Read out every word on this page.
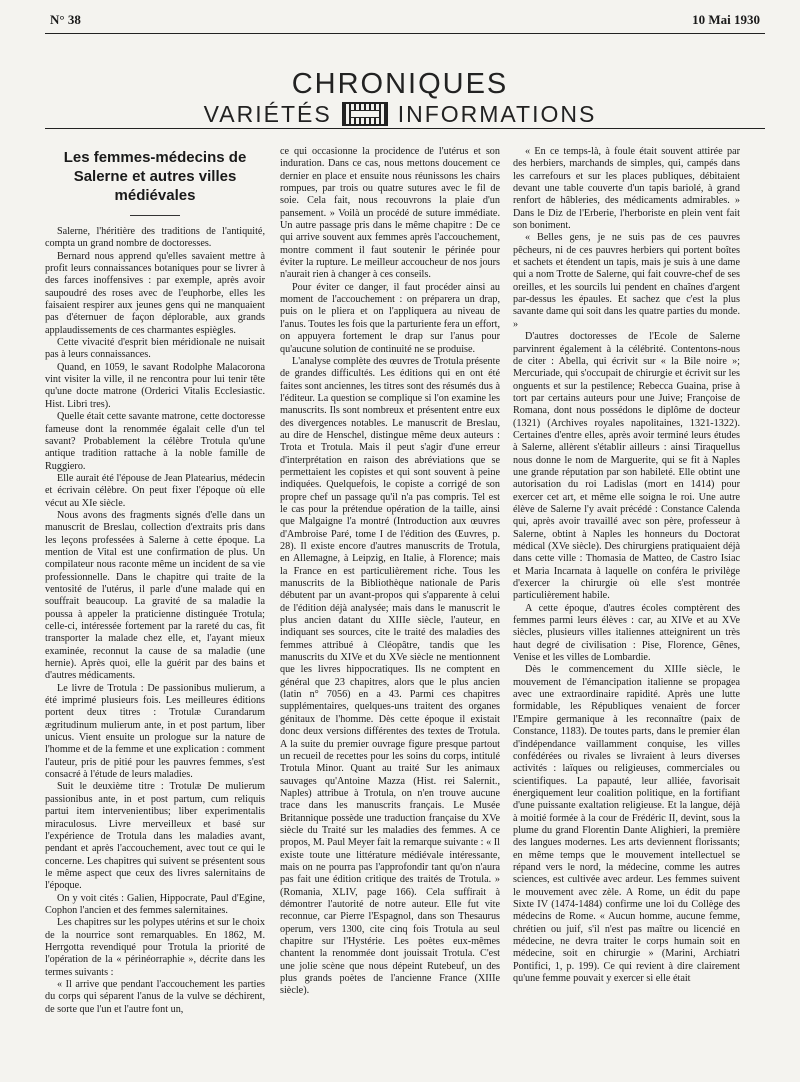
N° 38	10 Mai 1930
CHRONIQUES
VARIÉTÉS	INFORMATIONS
Les femmes-médecins de Salerne et autres villes médiévales

Salerne, l'héritière des traditions de l'antiquité, compta un grand nombre de doctoresses.

Bernard nous apprend qu'elles savaient mettre à profit leurs connaissances botaniques pour se livrer à des farces inoffensives : par exemple, après avoir saupoudré des roses avec de l'euphorbe, elles les faisaient respirer aux jeunes gens qui ne manquaient pas d'éternuer de façon déplorable, aux grands applaudissements de ces charmantes espiègles.

Cette vivacité d'esprit bien méridionale ne nuisait pas à leurs connaissances.

Quand, en 1059, le savant Rodolphe Malacorona vint visiter la ville, il ne rencontra pour lui tenir tête qu'une docte matrone (Orderici Vitalis Ecclesiastic. Hist. Libri tres).

Quelle était cette savante matrone, cette doctoresse fameuse dont la renommée égalait celle d'un tel savant? Probablement la célèbre Trotula qu'une antique tradition rattache à la noble famille de Ruggiero.

Elle aurait été l'épouse de Jean Platearius, médecin et écrivain célèbre. On peut fixer l'époque où elle vécut au XIe siècle.

Nous avons des fragments signés d'elle dans un manuscrit de Breslau, collection d'extraits pris dans les leçons professées à Salerne à cette époque. La mention de Vital est une confirmation de plus. Un compilateur nous raconte même un incident de sa vie professionnelle. Dans le chapitre qui traite de la ventosité de l'utérus, il parle d'une malade qui en souffrait beaucoup. La gravité de sa maladie la poussa à appeler la praticienne distinguée Trotula; celle-ci, intéressée fortement par la rareté du cas, fit transporter la malade chez elle, et, l'ayant mieux examinée, reconnut la cause de sa maladie (une hernie). Après quoi, elle la guérit par des bains et d'autres médicaments.

Le livre de Trotula : De passionibus mulierum, a été imprimé plusieurs fois. Les meilleures éditions portent deux titres : Trotulæ Curandarum ægritudinum mulierum ante, in et post partum, liber unicus. Vient ensuite un prologue sur la nature de l'homme et de la femme et une explication : comment l'auteur, pris de pitié pour les pauvres femmes, s'est consacré à l'étude de leurs maladies.

Suit le deuxième titre : Trotulæ De mulierum passionibus ante, in et post partum, cum reliquis partui item intervenientibus; liber experimentalis miraculosus. Livre merveilleux et basé sur l'expérience de Trotula dans les maladies avant, pendant et après l'accouchement, avec tout ce qui le concerne. Les chapitres qui suivent se présentent sous le même aspect que ceux des livres salernitains de l'époque.

On y voit cités : Galien, Hippocrate, Paul d'Egine, Cophon l'ancien et des femmes salernitaines.

Les chapitres sur les polypes utérins et sur le choix de la nourrice sont remarquables. En 1862, M. Herrgotta revendiqué pour Trotula la priorité de l'opération de la « périnéorraphie », décrite dans les termes suivants :

« Il arrive que pendant l'accouchement les parties du corps qui séparent l'anus de la vulve se déchirent, de sorte que l'un et l'autre font un,

ce qui occasionne la procidence de l'utérus et son induration. Dans ce cas, nous mettons doucement ce dernier en place et ensuite nous réunissons les chairs rompues, par trois ou quatre sutures avec le fil de soie. Cela fait, nous recouvrons la plaie d'un pansement. » Voilà un procédé de suture immédiate. Un autre passage pris dans le même chapitre : De ce qui arrive souvent aux femmes après l'accouchement, montre comment il faut soutenir le périnée pour éviter la rupture. Le meilleur accoucheur de nos jours n'aurait rien à changer à ces conseils.

Pour éviter ce danger, il faut procéder ainsi au moment de l'accouchement : on préparera un drap, puis on le pliera et on l'appliquera au niveau de l'anus. Toutes les fois que la parturiente fera un effort, on appuyera fortement le drap sur l'anus pour qu'aucune solution de continuité ne se produise.

L'analyse complète des œuvres de Trotula présente de grandes difficultés. Les éditions qui en ont été faites sont anciennes, les titres sont des résumés dus à l'éditeur. La question se complique si l'on examine les manuscrits. Ils sont nombreux et présentent entre eux des divergences notables. Le manuscrit de Breslau, au dire de Henschel, distingue même deux auteurs : Trota et Trotula. Mais il peut s'agir d'une erreur d'interprétation en raison des abréviations que se permettaient les copistes et qui sont souvent à peine indiquées. Quelquefois, le copiste a corrigé de son propre chef un passage qu'il n'a pas compris. Tel est le cas pour la prétendue opération de la taille, ainsi que Malgaigne l'a montré (Introduction aux œuvres d'Ambroise Paré, tome I de l'édition des Œuvres, p. 28). Il existe encore d'autres manuscrits de Trotula, en Allemagne, à Leipzig, en Italie, à Florence; mais la France en est particulièrement riche. Tous les manuscrits de la Bibliothèque nationale de Paris débutent par un avant-propos qui s'apparente à celui de l'édition déjà analysée; mais dans le manuscrit le plus ancien datant du XIIIe siècle, l'auteur, en indiquant ses sources, cite le traité des maladies des femmes attribué à Cléopâtre, tandis que les manuscrits du XIVe et du XVe siècle ne mentionnent que les livres hippocratiques. Ils ne comptent en général que 23 chapitres, alors que le plus ancien (latin n° 7056) en a 43. Parmi ces chapitres supplémentaires, quelques-uns traitent des organes génitaux de l'homme. Dès cette époque il existait donc deux versions différentes des textes de Trotula. A la suite du premier ouvrage figure presque partout un recueil de recettes pour les soins du corps, intitulé Trotula Minor. Quant au traité Sur les animaux sauvages qu'Antoine Mazza (Hist. rei Salernit., Naples) attribue à Trotula, on n'en trouve aucune trace dans les manuscrits français. Le Musée Britannique possède une traduction française du XVe siècle du Traité sur les maladies des femmes. A ce propos, M. Paul Meyer fait la remarque suivante : « Il existe toute une littérature médiévale intéressante, mais on ne pourra pas l'approfondir tant qu'on n'aura pas fait une édition critique des traités de Trotula. » (Romania, XLIV, page 166). Cela suffirait à démontrer l'autorité de notre auteur. Elle fut vite reconnue, car Pierre l'Espagnol, dans son Thesaurus operum, vers 1300, cite cinq fois Trotula au seul chapitre sur l'Hystérie. Les poètes eux-mêmes chantent la renommée dont jouissait Trotula. C'est une jolie scène que nous dépeint Rutebeuf, un des plus grands poètes de l'ancienne France (XIIIe siècle).

« En ce temps-là, à foule était souvent attirée par des herbiers, marchands de simples, qui, campés dans les carrefours et sur les places publiques, débitaient devant une table couverte d'un tapis bariolé, à grand renfort de hâbleries, des médicaments admirables. » Dans le Diz de l'Erberie, l'herboriste en plein vent fait son boniment.

« Belles gens, je ne suis pas de ces pauvres pêcheurs, ni de ces pauvres herbiers qui portent boîtes et sachets et étendent un tapis, mais je suis à une dame qui a nom Trotte de Salerne, qui fait couvre-chef de ses oreilles, et les sourcils lui pendent en chaînes d'argent par-dessus les épaules. Et sachez que c'est la plus savante dame qui soit dans les quatre parties du monde. »

D'autres doctoresses de l'Ecole de Salerne parvinrent également à la célébrité. Contentons-nous de citer : Abella, qui écrivit sur « la Bile noire »; Mercuriade, qui s'occupait de chirurgie et écrivit sur les onguents et sur la pestilence; Rebecca Guaina, prise à tort par certains auteurs pour une Juive; Françoise de Romana, dont nous possédons le diplôme de docteur (1321) (Archives royales napolitaines, 1321-1322). Certaines d'entre elles, après avoir terminé leurs études à Salerne, allèrent s'établir ailleurs : ainsi Tiraquellus nous donne le nom de Marguerite, qui se fit à Naples une grande réputation par son habileté. Elle obtint une autorisation du roi Ladislas (mort en 1414) pour exercer cet art, et même elle soigna le roi. Une autre élève de Salerne l'y avait précédé : Constance Calenda qui, après avoir travaillé avec son père, professeur à Salerne, obtint à Naples les honneurs du Doctorat médical (XVe siècle). Des chirurgiens pratiquaient déjà dans cette ville : Thomasia de Matteo, de Castro Isiac et Maria Incarnata à laquelle on conféra le privilège d'exercer la chirurgie où elle s'est montrée particulièrement habile.

A cette époque, d'autres écoles comptèrent des femmes parmi leurs élèves : car, au XIVe et au XVe siècles, plusieurs villes italiennes atteignirent un très haut degré de civilisation : Pise, Florence, Gênes, Venise et les villes de Lombardie.

Dès le commencement du XIIIe siècle, le mouvement de l'émancipation italienne se propagea avec une extraordinaire rapidité. Après une lutte formidable, les Républiques venaient de forcer l'Empire germanique à les reconnaître (paix de Constance, 1183). De toutes parts, dans le premier élan d'indépendance vaillamment conquise, les villes confédérées ou rivales se livraient à leurs diverses activités : laïques ou religieuses, commerciales ou scientifiques. La papauté, leur alliée, favorisait énergiquement leur coalition politique, en la fortifiant d'une puissante exaltation religieuse. Et la langue, déjà à moitié formée à la cour de Frédéric II, devint, sous la plume du grand Florentin Dante Alighieri, la première des langues modernes. Les arts deviennent florissants; en même temps que le mouvement intellectuel se répand vers le nord, la médecine, comme les autres sciences, est cultivée avec ardeur. Les femmes suivent le mouvement avec zèle. A Rome, un édit du pape Sixte IV (1474-1484) confirme une loi du Collège des médecins de Rome. « Aucun homme, aucune femme, chrétien ou juif, s'il n'est pas maître ou licencié en médecine, ne devra traiter le corps humain soit en médecine, soit en chirurgie » (Marini, Archiatri Pontifici, 1, p. 199). Ce qui revient à dire clairement qu'une femme pouvait y exercer si elle était
